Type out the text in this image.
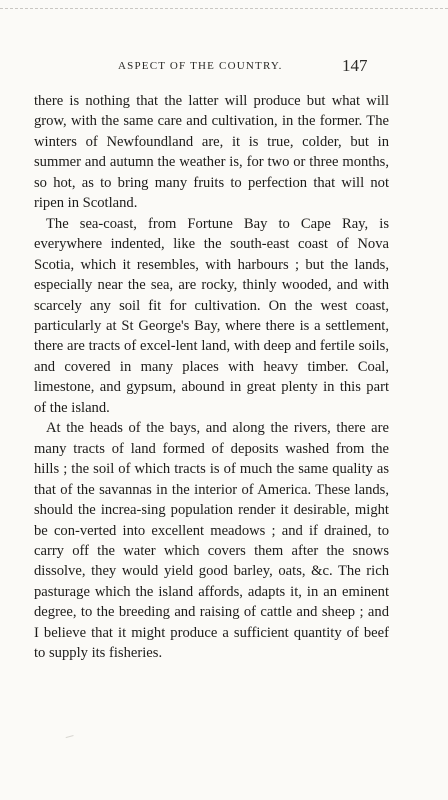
ASPECT OF THE COUNTRY.	147

there is nothing that the latter will produce but what will grow, with the same care and cultivation, in the former. The winters of Newfoundland are, it is true, colder, but in summer and autumn the weather is, for two or three months, so hot, as to bring many fruits to perfection that will not ripen in Scotland.

The sea-coast, from Fortune Bay to Cape Ray, is everywhere indented, like the south-east coast of Nova Scotia, which it resembles, with harbours ; but the lands, especially near the sea, are rocky, thinly wooded, and with scarcely any soil fit for cultivation. On the west coast, particularly at St George's Bay, where there is a settlement, there are tracts of excel-lent land, with deep and fertile soils, and covered in many places with heavy timber. Coal, limestone, and gypsum, abound in great plenty in this part of the island.

At the heads of the bays, and along the rivers, there are many tracts of land formed of deposits washed from the hills ; the soil of which tracts is of much the same quality as that of the savannas in the interior of America. These lands, should the increa-sing population render it desirable, might be con-verted into excellent meadows ; and if drained, to carry off the water which covers them after the snows dissolve, they would yield good barley, oats, &c. The rich pasturage which the island affords, adapts it, in an eminent degree, to the breeding and raising of cattle and sheep ; and I believe that it might produce a sufficient quantity of beef to supply its fisheries.
